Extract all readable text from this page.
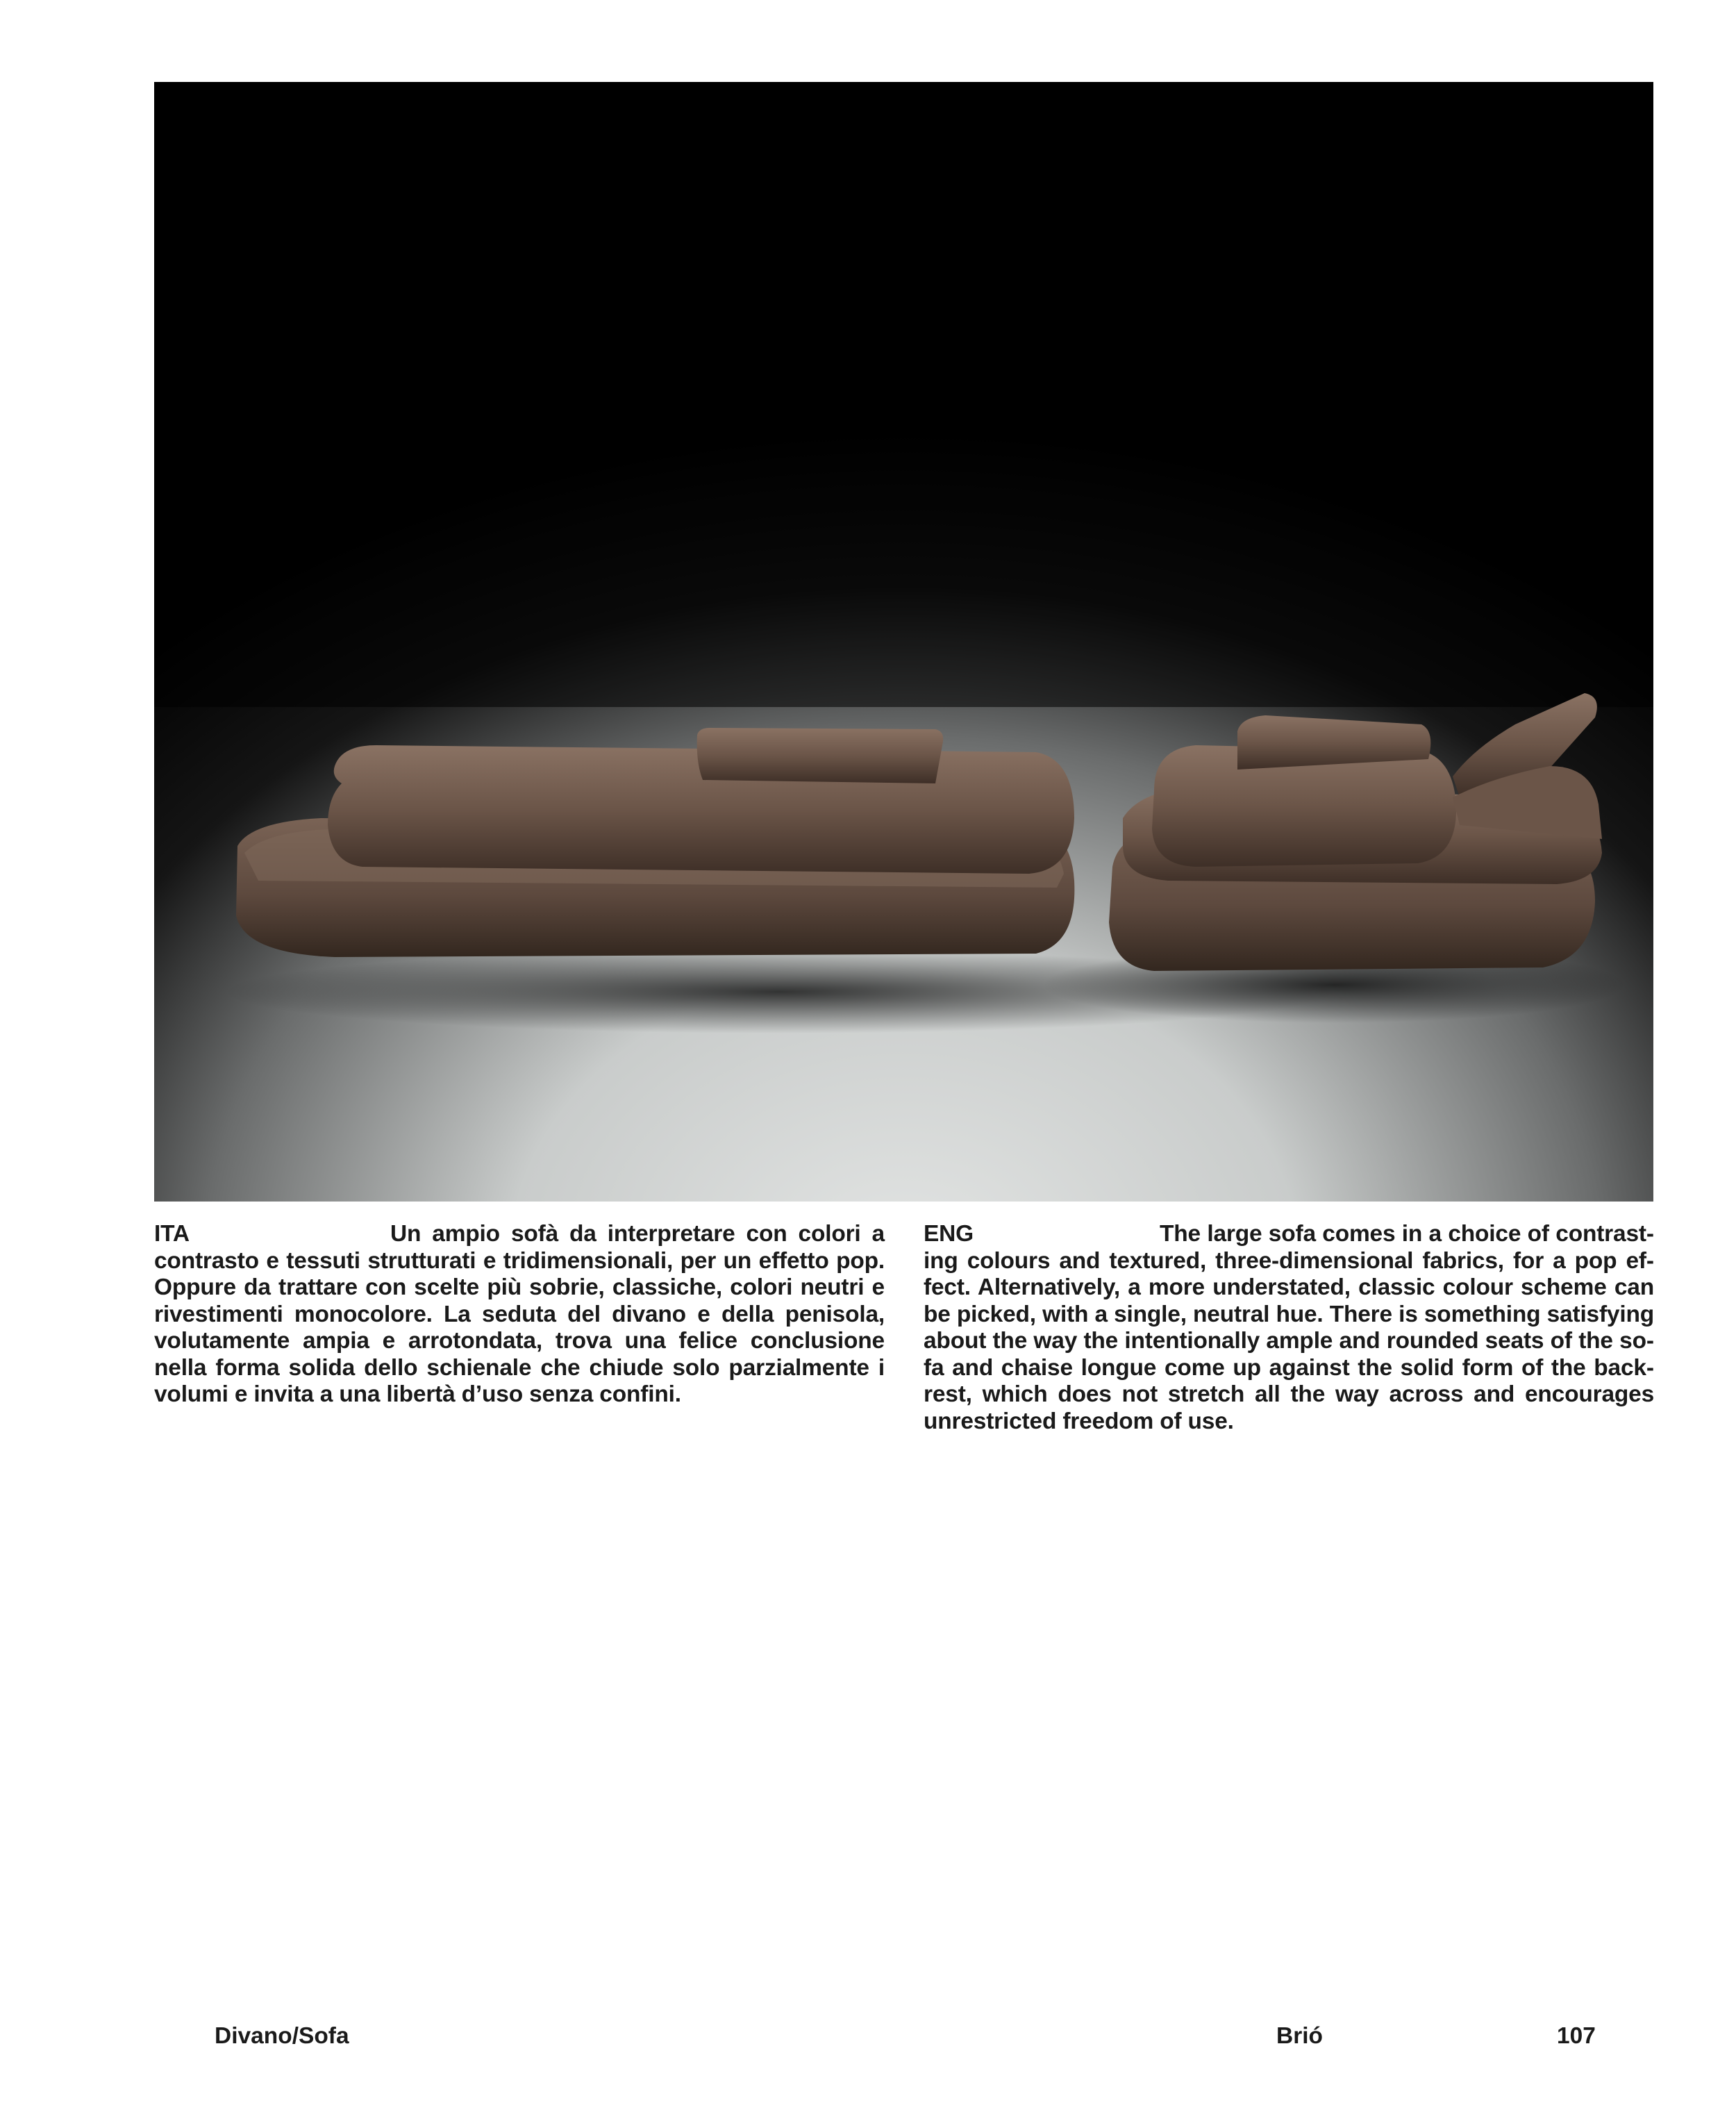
ITA	Un ampio sofà da interpretare con colori a contrasto e tessuti strutturati e tridimensionali, per un effetto pop. Oppure da trattare con scelte più sobrie, classiche, colori neutri e rivestimenti monocolore. La seduta del divano e della penisola, volutamente ampia e arrotondata, trova una felice conclusione nella forma solida dello schienale che chiude solo parzialmente i volumi e invita a una libertà d’uso senza confini.
ENG	The large sofa comes in a choice of contrasting colours and textured, three-dimensional fabrics, for a pop effect. Alternatively, a more understated, classic colour scheme can be picked, with a single, neutral hue. There is something satisfying about the way the intentionally ample and rounded seats of the sofa and chaise longue come up against the solid form of the backrest, which does not stretch all the way across and encourages unrestricted freedom of use.
Divano/Sofa	Brió	107
